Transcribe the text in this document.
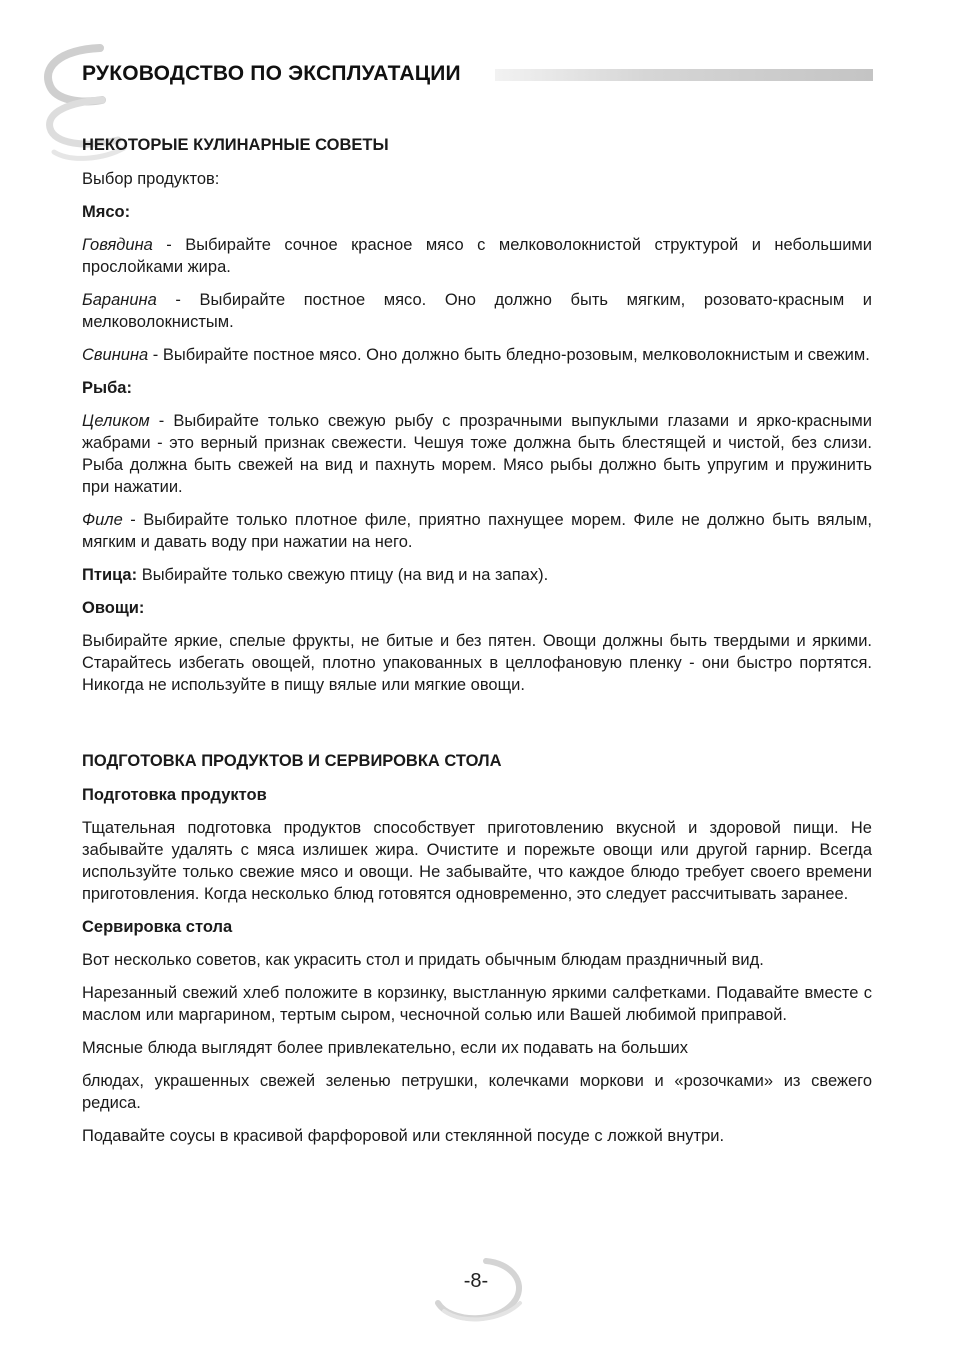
РУКОВОДСТВО ПО ЭКСПЛУАТАЦИИ
НЕКОТОРЫЕ КУЛИНАРНЫЕ СОВЕТЫ

Выбор продуктов:

Мясо:

Говядина - Выбирайте сочное красное мясо с мелковолокнистой структурой и небольшими прослойками жира.

Баранина - Выбирайте постное мясо. Оно должно быть мягким, розовато-красным и мелковолокнистым.

Свинина - Выбирайте постное мясо. Оно должно быть бледно-розовым, мелковолокнистым и свежим.

Рыба:

Целиком - Выбирайте только свежую рыбу с прозрачными выпуклыми глазами и ярко-красными жабрами - это верный признак свежести. Чешуя тоже должна быть блестящей и чистой, без слизи. Рыба должна быть свежей на вид и пахнуть морем. Мясо рыбы должно быть упругим и пружинить при нажатии.

Филе - Выбирайте только плотное филе, приятно пахнущее морем. Филе не должно быть вялым, мягким и давать воду при нажатии на него.

Птица: Выбирайте только свежую птицу (на вид и на запах).

Овощи:

Выбирайте яркие, спелые фрукты, не битые и без пятен. Овощи должны быть твердыми и яркими. Старайтесь избегать овощей, плотно упакованных в целлофановую пленку - они быстро портятся. Никогда не используйте в пищу вялые или мягкие овощи.

ПОДГОТОВКА ПРОДУКТОВ И СЕРВИРОВКА СТОЛА

Подготовка продуктов

Тщательная подготовка продуктов способствует приготовлению вкусной и здоровой пищи. Не забывайте удалять с мяса излишек жира. Очистите и порежьте овощи или другой гарнир. Всегда используйте только свежие мясо и овощи. Не забывайте, что каждое блюдо требует своего времени приготовления. Когда несколько блюд готовятся одновременно, это следует рассчитывать заранее.

Сервировка стола

Вот несколько советов, как украсить стол и придать обычным блюдам праздничный вид.

Нарезанный свежий хлеб положите в корзинку, выстланную яркими салфетками. Подавайте вместе с маслом или маргарином, тертым сыром, чесночной солью или Вашей любимой приправой.

Мясные блюда выглядят более привлекательно, если их подавать на больших

блюдах, украшенных свежей зеленью петрушки, колечками моркови и «розочками» из свежего редиса.

Подавайте соусы в красивой фарфоровой или стеклянной посуде с ложкой внутри.

-8-
